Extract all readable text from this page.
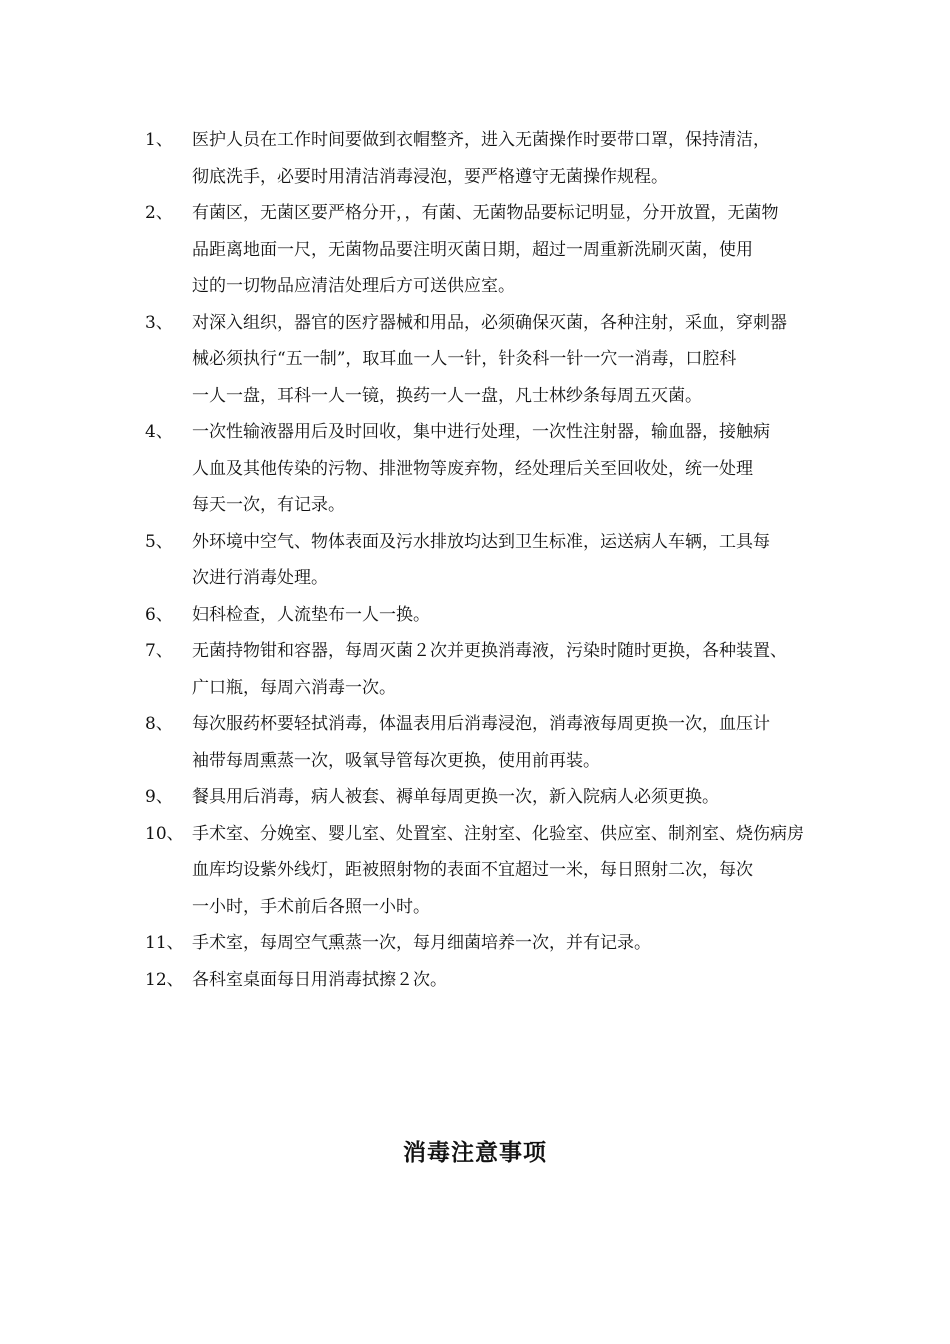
1、 医护人员在工作时间要做到衣帽整齐，进入无菌操作时要带口罩，保持清洁，
彻底洗手，必要时用清洁消毒浸泡，要严格遵守无菌操作规程。
2、 有菌区，无菌区要严格分开，，有菌、无菌物品要标记明显，分开放置，无菌物
品距离地面一尺，无菌物品要注明灭菌日期，超过一周重新洗刷灭菌，使用
过的一切物品应清洁处理后方可送供应室。
3、 对深入组织，器官的医疗器械和用品，必须确保灭菌，各种注射，采血，穿刺器
械必须执行“五一制”，取耳血一人一针，针灸科一针一穴一消毒，口腔科
一人一盘，耳科一人一镜，换药一人一盘，凡士林纱条每周五灭菌。
4、 一次性输液器用后及时回收，集中进行处理，一次性注射器，输血器，接触病
人血及其他传染的污物、排泄物等废弃物，经处理后关至回收处，统一处理
每天一次，有记录。
5、 外环境中空气、物体表面及污水排放均达到卫生标准，运送病人车辆，工具每
次进行消毒处理。
6、 妇科检查，人流垫布一人一换。
7、 无菌持物钳和容器，每周灭菌２次并更换消毒液，污染时随时更换，各种装置、
广口瓶，每周六消毒一次。
8、 每次服药杯要轻拭消毒，体温表用后消毒浸泡，消毒液每周更换一次，血压计
袖带每周熏蒸一次，吸氧导管每次更换，使用前再装。
9、 餐具用后消毒，病人被套、褥单每周更换一次，新入院病人必须更换。
10、 手术室、分娩室、婴儿室、处置室、注射室、化验室、供应室、制剂室、烧伤病房
血库均设紫外线灯，距被照射物的表面不宜超过一米，每日照射二次，每次
一小时，手术前后各照一小时。
11、 手术室，每周空气熏蒸一次，每月细菌培养一次，并有记录。
12、 各科室桌面每日用消毒拭擦２次。
消毒注意事项
